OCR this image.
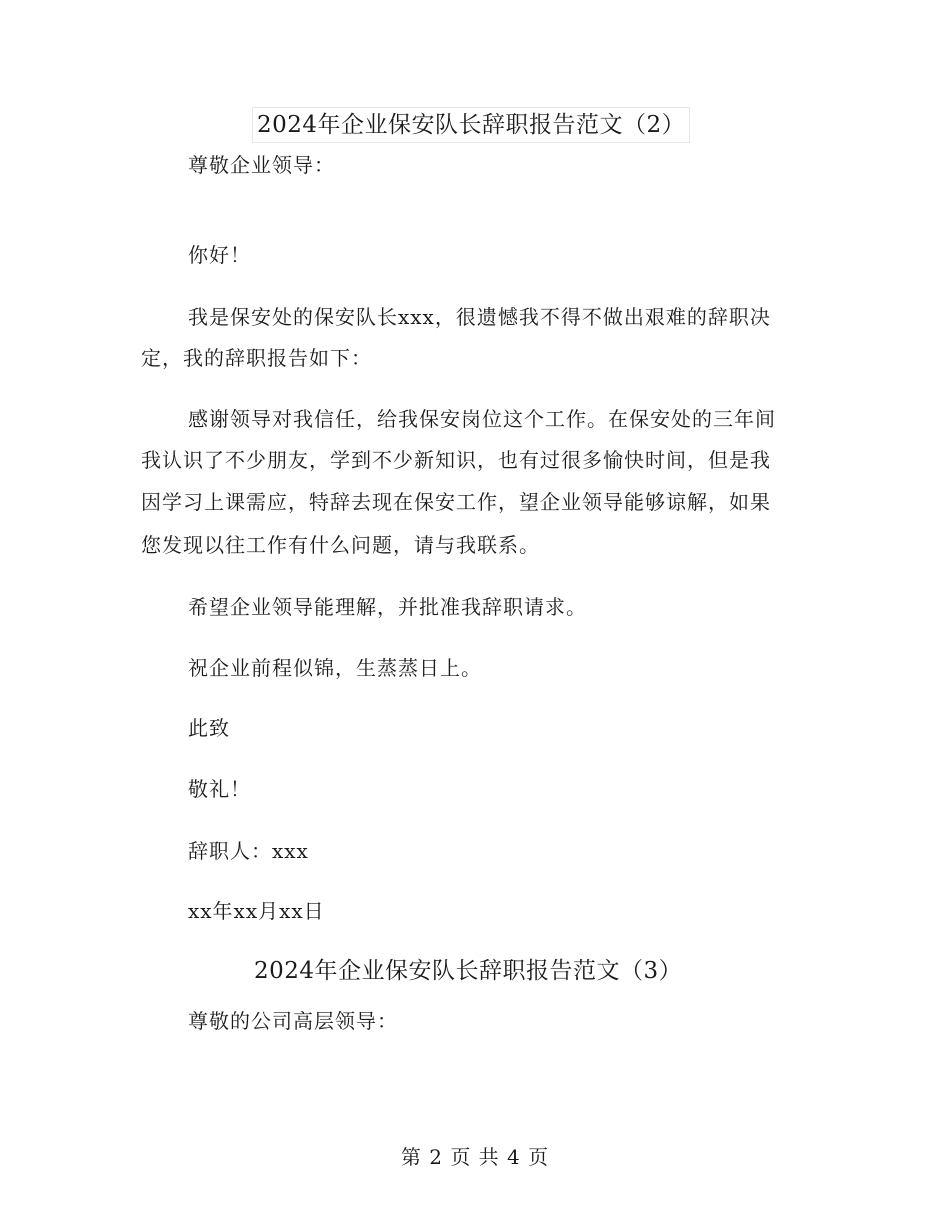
2024年企业保安队长辞职报告范文（2）
尊敬企业领导：
你好！
我是保安处的保安队长xxx，很遗憾我不得不做出艰难的辞职决
定，我的辞职报告如下：
感谢领导对我信任，给我保安岗位这个工作。在保安处的三年间
我认识了不少朋友，学到不少新知识，也有过很多愉快时间，但是我
因学习上课需应，特辞去现在保安工作，望企业领导能够谅解，如果
您发现以往工作有什么问题，请与我联系。
希望企业领导能理解，并批准我辞职请求。
祝企业前程似锦，生蒸蒸日上。
此致
敬礼！
辞职人：xxx
xx年xx月xx日
2024年企业保安队长辞职报告范文（3）
尊敬的公司高层领导：
第 2 页 共 4 页
